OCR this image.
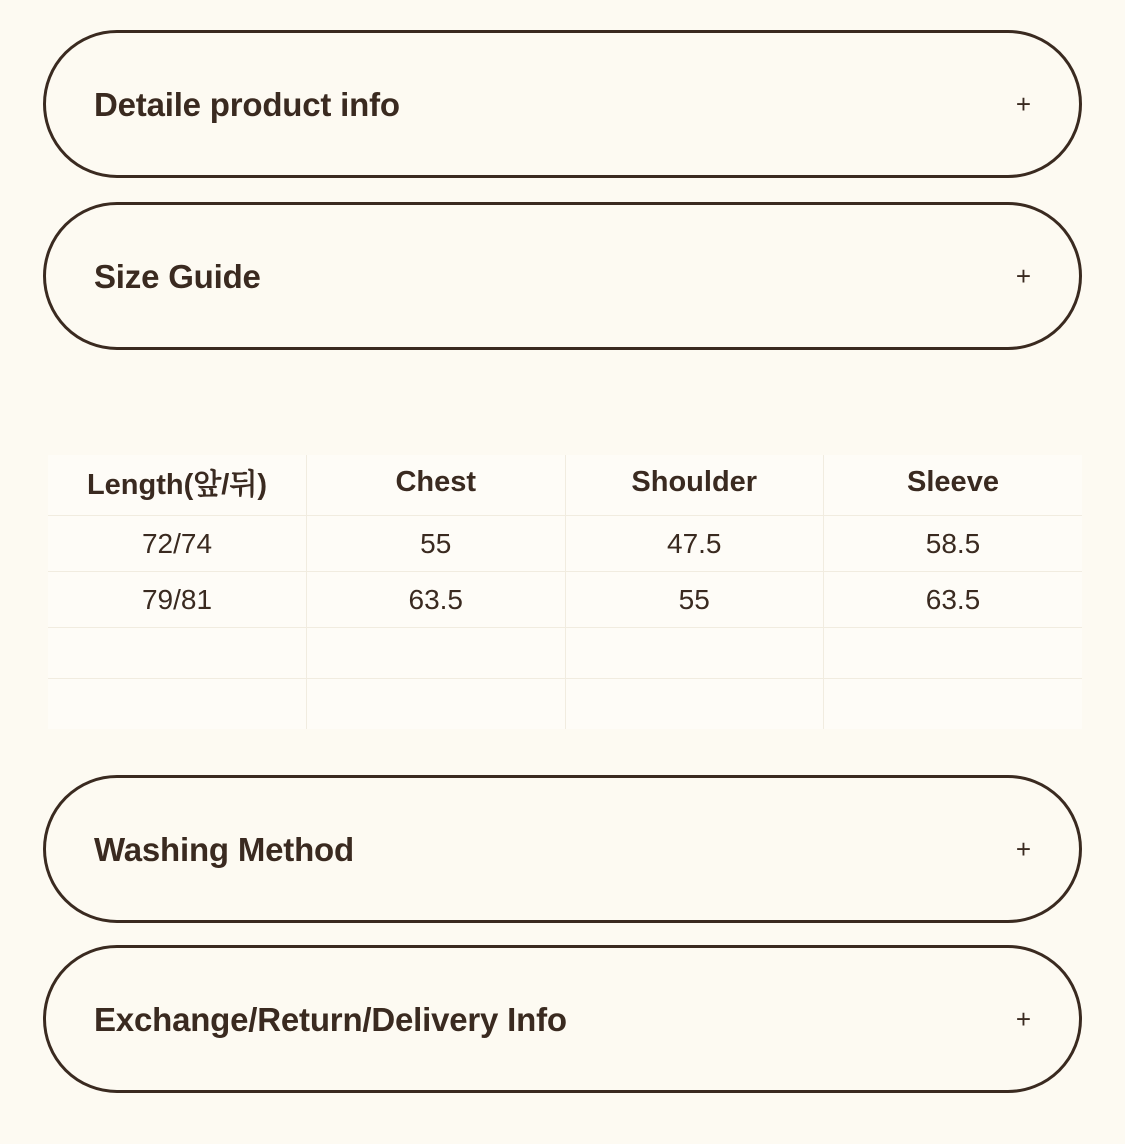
Detaile product info	+
Size Guide	+
Length(앞/뒤)	Chest	Shoulder	Sleeve
72/74	55	47.5	58.5
79/81	63.5	55	63.5

Washing Method	+
Exchange/Return/Delivery Info	+
